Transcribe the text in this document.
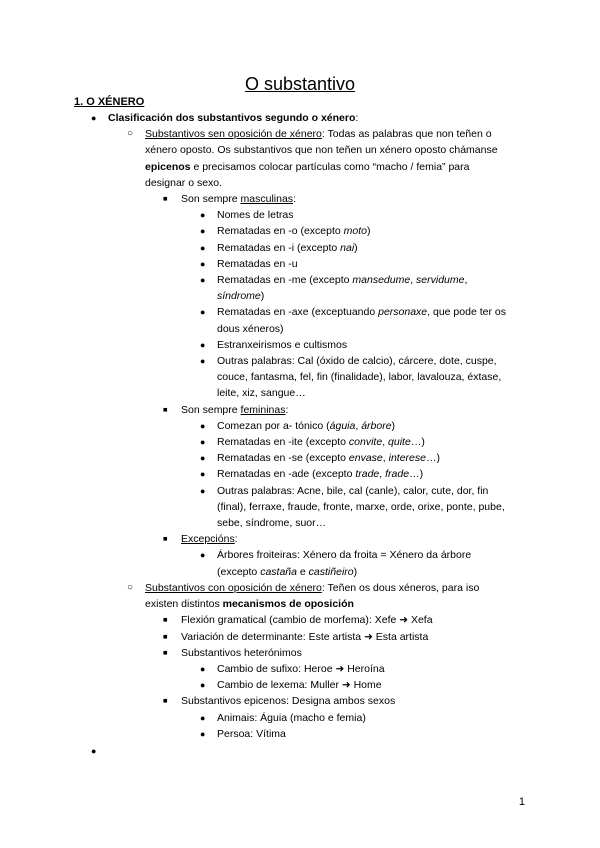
O substantivo
1. O XÉNERO
● Clasificación dos substantivos segundo o xénero:

○ Substantivos sen oposición de xénero: Todas as palabras que non teñen o

xénero oposto. Os substantivos que non teñen un xénero oposto chámanse

epicenos e precisamos colocar partículas como “macho / femia” para

designar o sexo.

■ Son sempre masculinas:

● Nomes de letras

● Rematadas en -o (excepto moto)

● Rematadas en -i (excepto nai)

● Rematadas en -u

● Rematadas en -me (excepto mansedume, servidume,

síndrome)

● Rematadas en -axe (exceptuando personaxe, que pode ter os

dous xéneros)

● Estranxeirismos e cultismos

● Outras palabras: Cal (óxido de calcio), cárcere, dote, cuspe,

couce, fantasma, fel, fin (finalidade), labor, lavalouza, éxtase,

leite, xiz, sangue…

■ Son sempre femininas:

● Comezan por a- tónico (águia, árbore)

● Rematadas en -ite (excepto convite, quite…)

● Rematadas en -se (excepto envase, interese…)

● Rematadas en -ade (excepto trade, frade…)

● Outras palabras: Acne, bile, cal (canle), calor, cute, dor, fin

(final), ferraxe, fraude, fronte, marxe, orde, orixe, ponte, pube,

sebe, síndrome, suor…

■ Excepcións:

● Árbores froiteiras: Xénero da froita = Xénero da árbore

(excepto castaña e castiñeiro)

○ Substantivos con oposición de xénero: Teñen os dous xéneros, para iso

existen distintos mecanismos de oposición

■ Flexión gramatical (cambio de morfema): Xefe ➜ Xefa

■ Variación de determinante: Este artista ➜ Esta artista

■ Substantivos heterónimos

● Cambio de sufixo: Heroe ➜ Heroína

● Cambio de lexema: Muller ➜ Home

■ Substantivos epicenos: Designa ambos sexos

● Animais: Águia (macho e femia)

● Persoa: Vítima

●

1
